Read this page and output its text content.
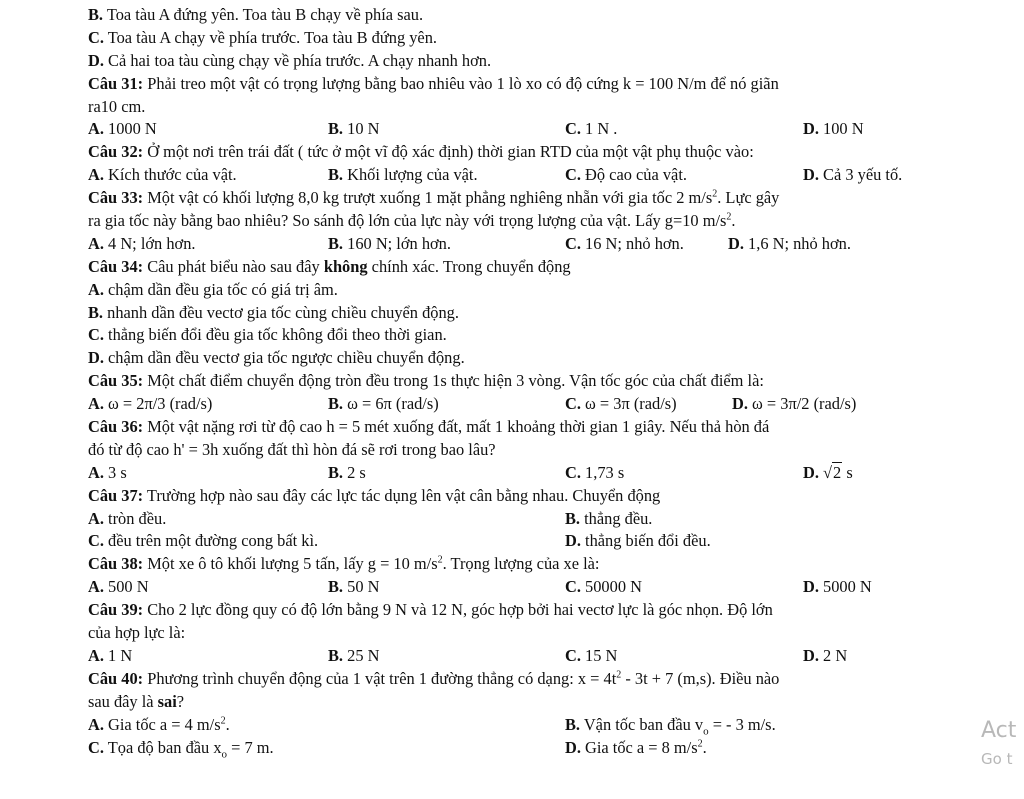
B. Toa tàu A đứng yên. Toa tàu B chạy về phía sau.
C. Toa tàu A chạy về phía trước. Toa tàu B đứng yên.
D. Cả hai toa tàu cùng chạy về phía trước. A chạy nhanh hơn.
Câu 31: Phải treo một vật có trọng lượng bằng bao nhiêu vào 1 lò xo có độ cứng k = 100 N/m để nó giãn
ra10 cm.
A. 1000 N	B. 10 N	C. 1 N .	D. 100 N
Câu 32: Ở một nơi trên trái đất ( tức ở một vĩ độ xác định) thời gian RTD của một vật phụ thuộc vào:
A. Kích thước của vật.	B. Khối lượng của vật.	C. Độ cao của vật.	D. Cả 3 yếu tố.
Câu 33: Một vật có khối lượng 8,0 kg trượt xuống 1 mặt phẳng nghiêng nhẵn với gia tốc 2 $m/s^2$. Lực gây
ra gia tốc này bằng bao nhiêu? So sánh độ lớn của lực này với trọng lượng của vật. Lấy g=10 $m/s^2$.
A. 4 N; lớn hơn.	B. 160 N; lớn hơn.	C. 16 N; nhỏ hơn.	D. 1,6 N; nhỏ hơn.
Câu 34: Câu phát biểu nào sau đây không chính xác. Trong chuyển động
A. chậm dần đều gia tốc có giá trị âm.
B. nhanh dần đều vectơ gia tốc cùng chiều chuyển động.
C. thẳng biến đổi đều gia tốc không đổi theo thời gian.
D. chậm dần đều vectơ gia tốc ngược chiều chuyển động.
Câu 35: Một chất điểm chuyển động tròn đều trong 1s thực hiện 3 vòng. Vận tốc góc của chất điểm là:
A. ω = 2π/3 (rad/s)	B. ω = 6π (rad/s)	C. ω = 3π (rad/s)	D. ω = 3π/2 (rad/s)
Câu 36: Một vật nặng rơi từ độ cao h = 5 mét xuống đất, mất 1 khoảng thời gian 1 giây. Nếu thả hòn đá
đó từ độ cao h' = 3h xuống đất thì hòn đá sẽ rơi trong bao lâu?
A. 3 s	B. 2 s	C. 1,73 s	D. √2 s
Câu 37: Trường hợp nào sau đây các lực tác dụng lên vật cân bằng nhau. Chuyển động
A. tròn đều.	B. thẳng đều.
C. đều trên một đường cong bất kì.	D. thẳng biến đổi đều.
Câu 38: Một xe ô tô khối lượng 5 tấn, lấy g = 10 $m/s^2$. Trọng lượng của xe là:
A. 500 N	B. 50 N	C. 50000 N	D. 5000 N
Câu 39: Cho 2 lực đồng quy có độ lớn bằng 9 N và 12 N, góc hợp bởi hai vectơ lực là góc nhọn. Độ lớn
của hợp lực là:
A. 1 N	B. 25 N	C. 15 N	D. 2 N
Câu 40: Phương trình chuyển động của 1 vật trên 1 đường thẳng có dạng: $x = 4t^2 - 3t + 7$ (m,s). Điều nào
sau đây là sai?
A. Gia tốc a = 4 $m/s^2$.	B. Vận tốc ban đầu $v_o$ = - 3 m/s.
C. Tọa độ ban đầu $x_o = 7$ m.	D. Gia tốc a = 8 $m/s^2$.
Act
Go t
